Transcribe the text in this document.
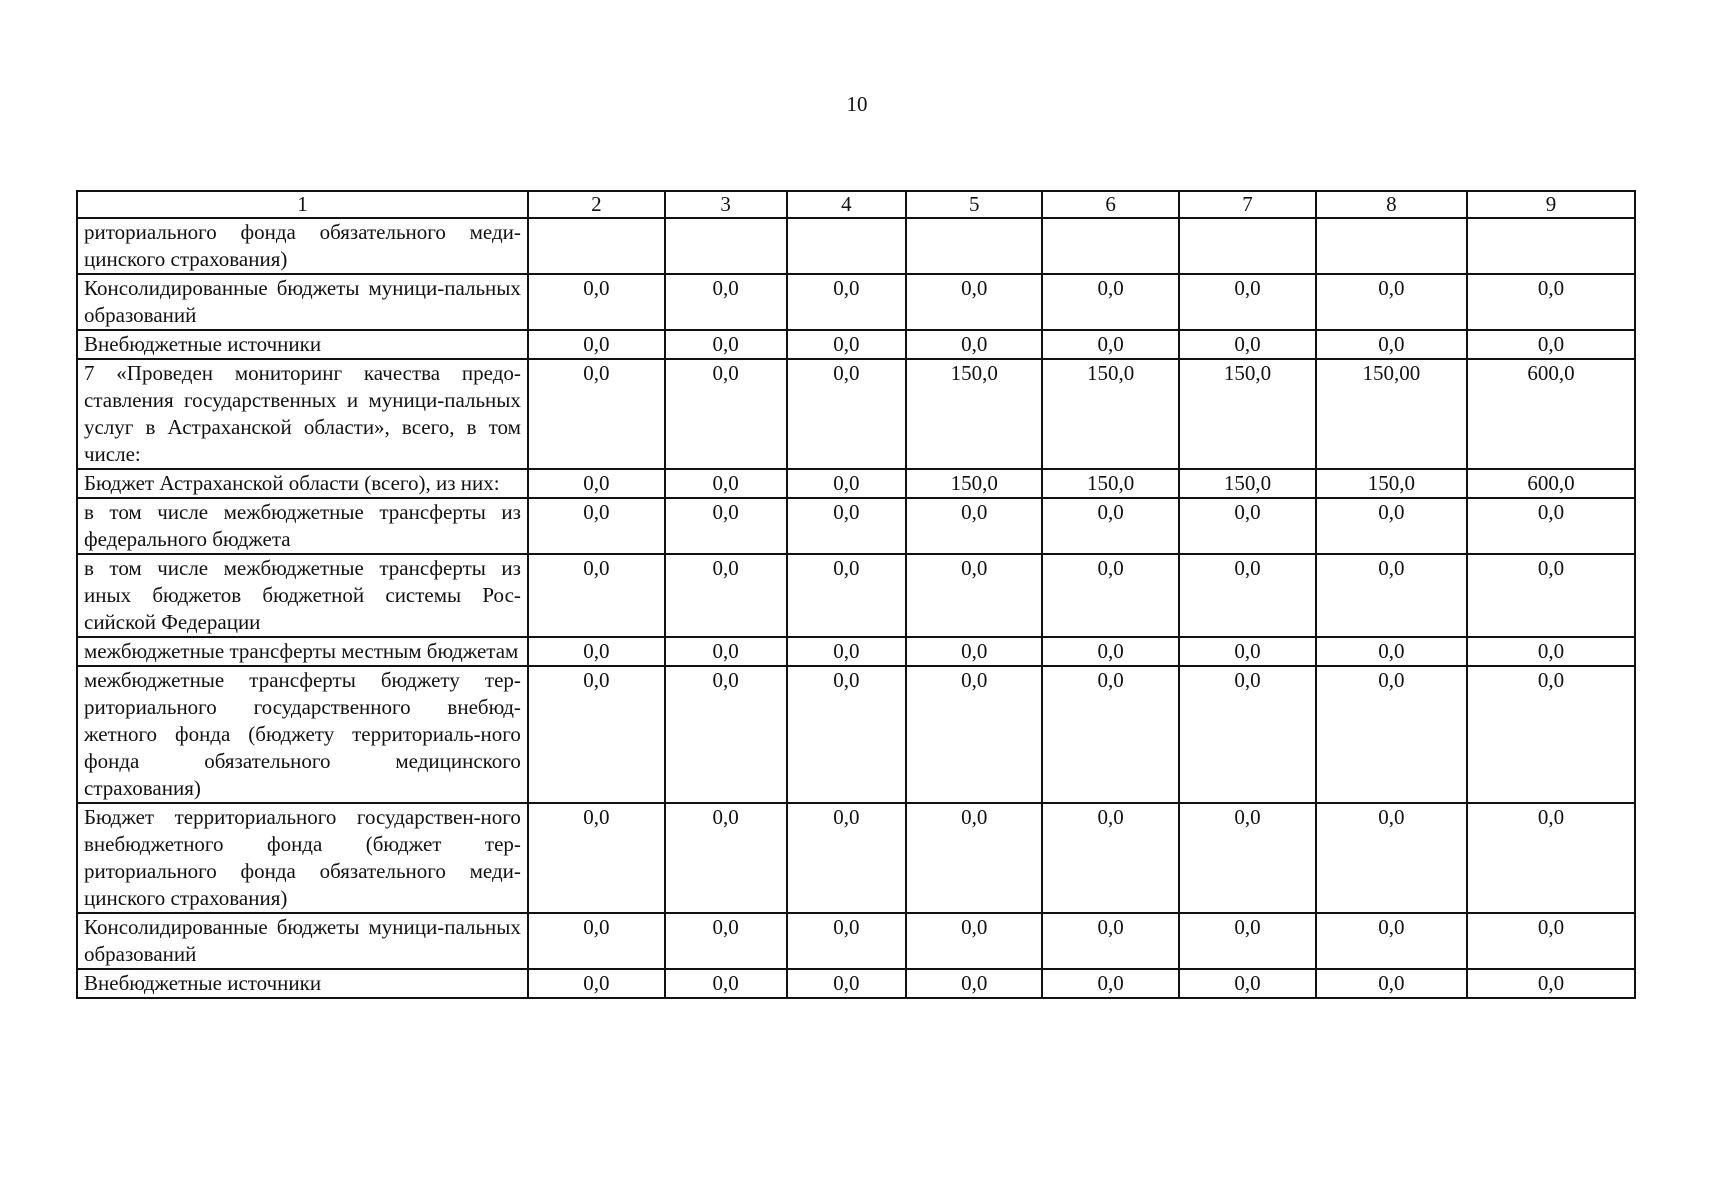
10
1	2	3	4	5	6	7	8	9
риториального фонда обязательного меди-цинского страхования)								
Консолидированные бюджеты муници-пальных образований	0,0	0,0	0,0	0,0	0,0	0,0	0,0	0,0
Внебюджетные источники	0,0	0,0	0,0	0,0	0,0	0,0	0,0	0,0
7 «Проведен мониторинг качества предо-ставления государственных и муници-пальных услуг в Астраханской области», всего, в том числе:	0,0	0,0	0,0	150,0	150,0	150,0	150,00	600,0
Бюджет Астраханской области (всего), из них:	0,0	0,0	0,0	150,0	150,0	150,0	150,0	600,0
в том числе межбюджетные трансферты из федерального бюджета	0,0	0,0	0,0	0,0	0,0	0,0	0,0	0,0
в том числе межбюджетные трансферты из иных бюджетов бюджетной системы Рос-сийской Федерации	0,0	0,0	0,0	0,0	0,0	0,0	0,0	0,0
межбюджетные трансферты местным бюджетам	0,0	0,0	0,0	0,0	0,0	0,0	0,0	0,0
межбюджетные трансферты бюджету тер-риториального государственного внебюд-жетного фонда (бюджету территориаль-ного фонда обязательного медицинского страхования)	0,0	0,0	0,0	0,0	0,0	0,0	0,0	0,0
Бюджет территориального государствен-ного внебюджетного фонда (бюджет тер-риториального фонда обязательного меди-цинского страхования)	0,0	0,0	0,0	0,0	0,0	0,0	0,0	0,0
Консолидированные бюджеты муници-пальных образований	0,0	0,0	0,0	0,0	0,0	0,0	0,0	0,0
Внебюджетные источники	0,0	0,0	0,0	0,0	0,0	0,0	0,0	0,0
